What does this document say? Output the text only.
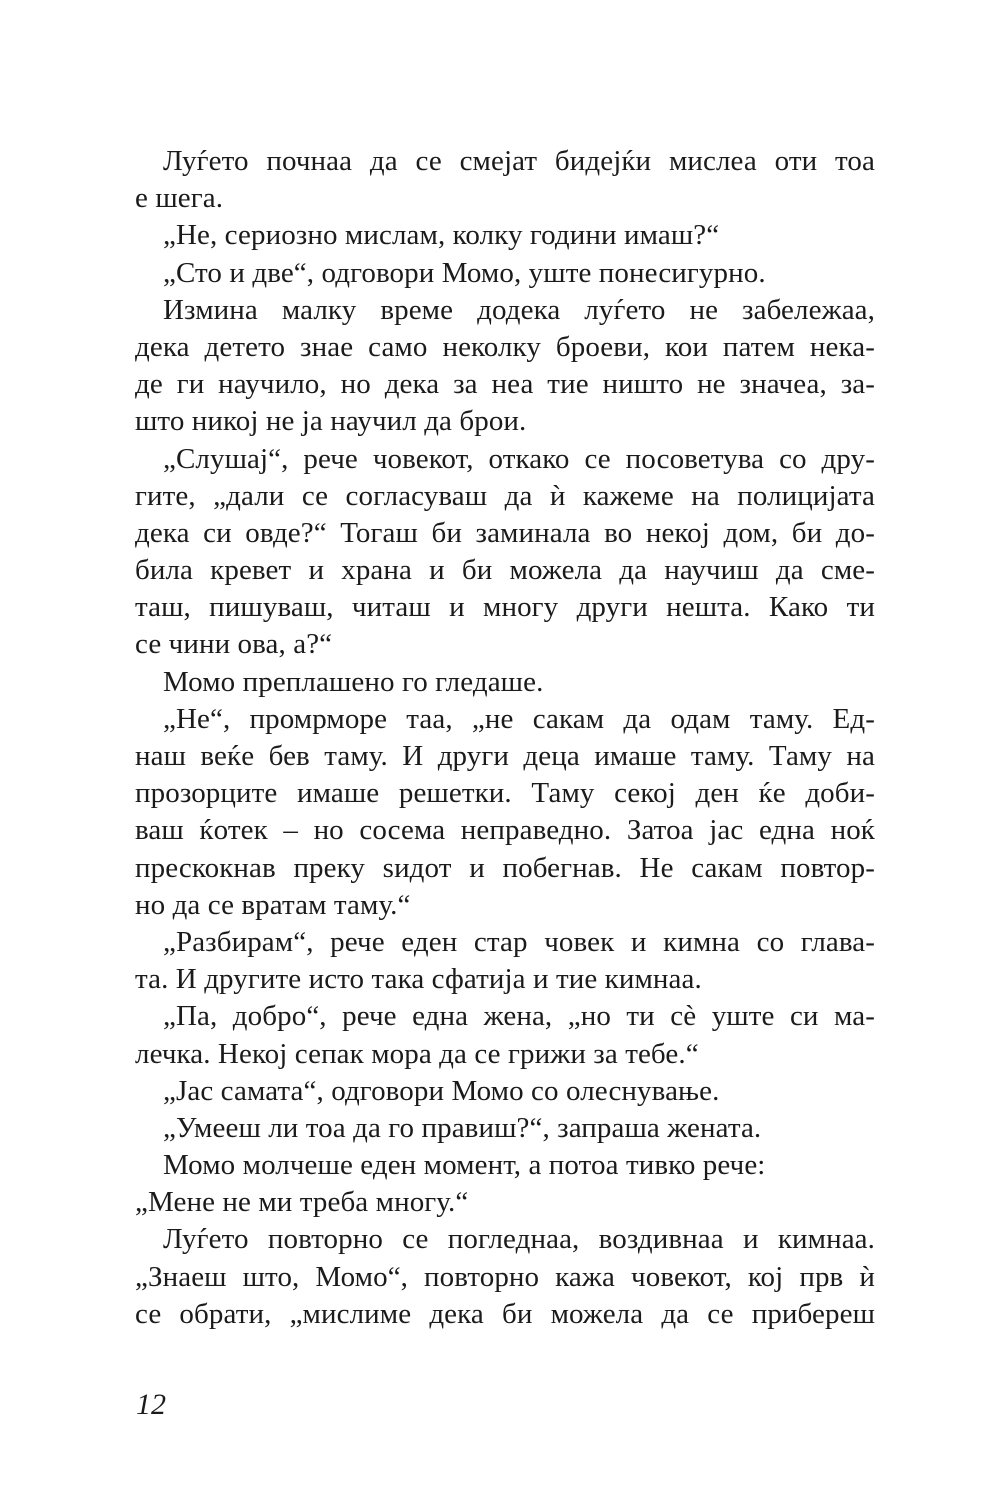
Луѓето почнаа да се смејат бидејќи мислеа оти тоа
е шега.
„Не, сериозно мислам, колку години имаш?“
„Сто и две“, одговори Момо, уште понесигурно.
Измина малку време додека луѓето не забележаа,
дека детето знае само неколку броеви, кои патем нека-
де ги научило, но дека за неа тие ништо не значеа, за-
што никој не ја научил да брои.
„Слушај“, рече човекот, откако се посоветува со дру-
гите, „дали се согласуваш да ѝ кажеме на полицијата
дека си овде?“ Тогаш би заминала во некој дом, би до-
била кревет и храна и би можела да научиш да сме-
таш, пишуваш, читаш и многу други нешта. Како ти
се чини ова, а?“
Момо преплашено го гледаше.
„Не“, промрморе таа, „не сакам да одам таму. Ед-
наш веќе бев таму. И други деца имаше таму. Таму на
прозорците имаше решетки. Таму секој ден ќе доби-
ваш ќотек – но сосема неправедно. Затоа јас една ноќ
прескокнав преку ѕидот и побегнав. Не сакам повтор-
но да се вратам таму.“
„Разбирам“, рече еден стар човек и кимна со глава-
та. И другите исто така сфатија и тие кимнаа.
„Па, добро“, рече една жена, „но ти сѐ уште си ма-
лечка. Некој сепак мора да се грижи за тебе.“
„Јас самата“, одговори Момо со олеснување.
„Умееш ли тоа да го правиш?“, запраша жената.
Момо молчеше еден момент, а потоа тивко рече:
„Мене не ми треба многу.“
Луѓето повторно се погледнаа, воздивнаа и кимнаа.
„Знаеш што, Момо“, повторно кажа човекот, кој прв ѝ
се обрати, „мислиме дека би можела да се прибереш
12
